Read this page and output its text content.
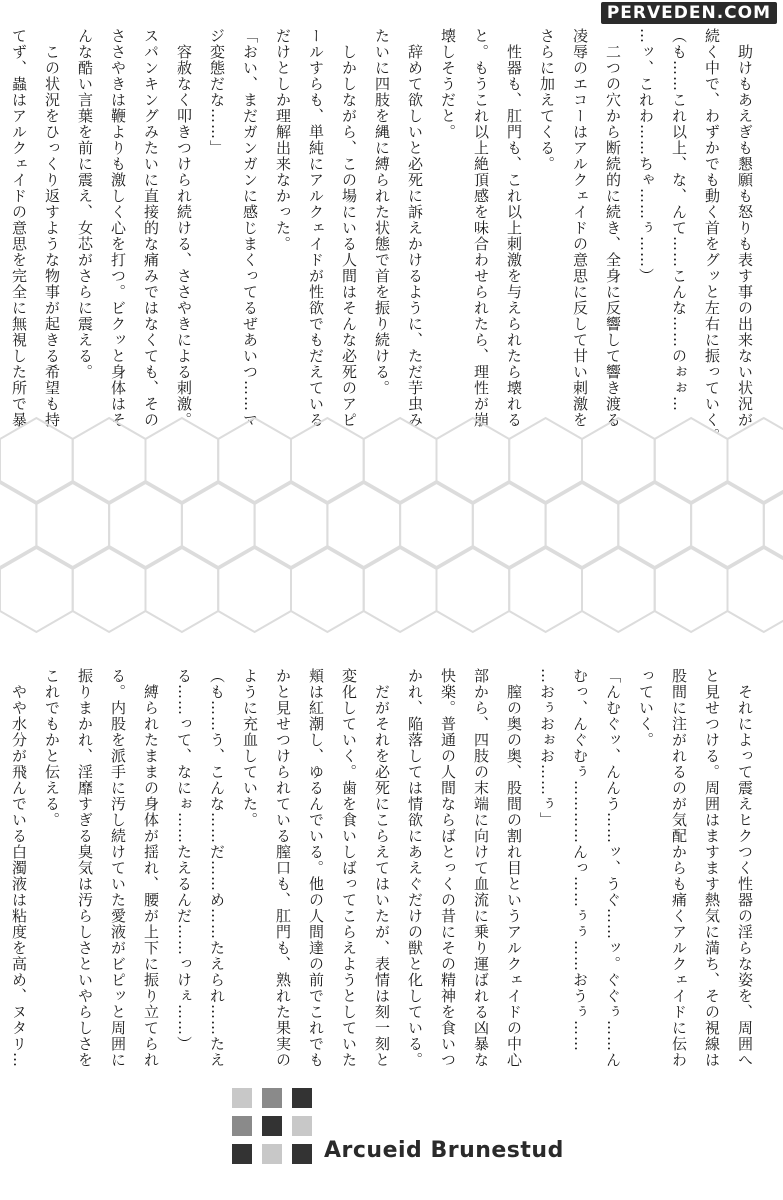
PERVEDEN.COM

　助けもあえぎも懇願も怒りも表す事の出来ない状況が

続く中で、わずかでも動く首をグッと左右に振っていく。

（も……これ以上、な、んて……こんな……のぉぉ…

…ッ、これわ……ちゃ……ぅ……）

　二つの穴から断続的に続き、全身に反響して響き渡る

凌辱のエコーはアルクェイドの意思に反して甘い刺激を

さらに加えてくる。

　性器も、肛門も、これ以上刺激を与えられたら壊れる

と。もうこれ以上絶頂感を味合わせられたら、理性が崩

壊しそうだと。

　辞めて欲しいと必死に訴えかけるように、ただ芋虫み

たいに四肢を縄に縛られた状態で首を振り続ける。

　しかしながら、この場にいる人間はそんな必死のアピ

ールすらも、単純にアルクェイドが性欲でもだえている

だけとしか理解出来なかった。

「おい、まだガンガンに感じまくってるぜあいつ……マ

ジ変態だな……」

　容赦なく叩きつけられ続ける、ささやきによる刺激。

スパンキングみたいに直接的な痛みではなくても、その

ささやきは鞭よりも激しく心を打つ。ビクッと身体はそ

んな酷い言葉を前に震え、女芯がさらに震える。

　この状況をひっくり返すような物事が起きる希望も持

てず、蟲はアルクェイドの意思を完全に無視した所で暴

　それによって震えヒクつく性器の淫らな姿を、周囲へ

と見せつける。周囲はますます熱気に満ち、その視線は

股間に注がれるのが気配からも痛くアルクェイドに伝わ

っていく。

「んむぐッ、んんう……ッ、うぐ……ッ。ぐぐぅ……ん

むっ、んぐむぅ…………んっ……ぅぅ……おうぅ……

…おぅおぉお……ぅ」

　膣の奥の奥、股間の割れ目というアルクェイドの中心

部から、四肢の末端に向けて血流に乗り運ばれる凶暴な

快楽。普通の人間ならばとっくの昔にその精神を食いつ

かれ、陥落しては情欲にあえぐだけの獣と化している。

　だがそれを必死にこらえてはいたが、表情は刻一刻と

変化していく。歯を食いしばってこらえようとしていた

頬は紅潮し、ゆるんでいる。他の人間達の前でこれでも

かと見せつけられている膣口も、肛門も、熟れた果実の

ように充血していた。

（も……う、こんな……だ……め……たえられ……たえ

る……って、なにぉ……たえるんだ……っけぇ……）

　縛られたままの身体が揺れ、腰が上下に振り立てられ

る。内股を派手に汚し続けていた愛液がビピッと周囲に

振りまかれ、淫靡すぎる臭気は汚らしさといやらしさを

これでもかと伝える。

　やや水分が飛んでいる白濁液は粘度を高め、ヌタリ…

Arcueid Brunestud
